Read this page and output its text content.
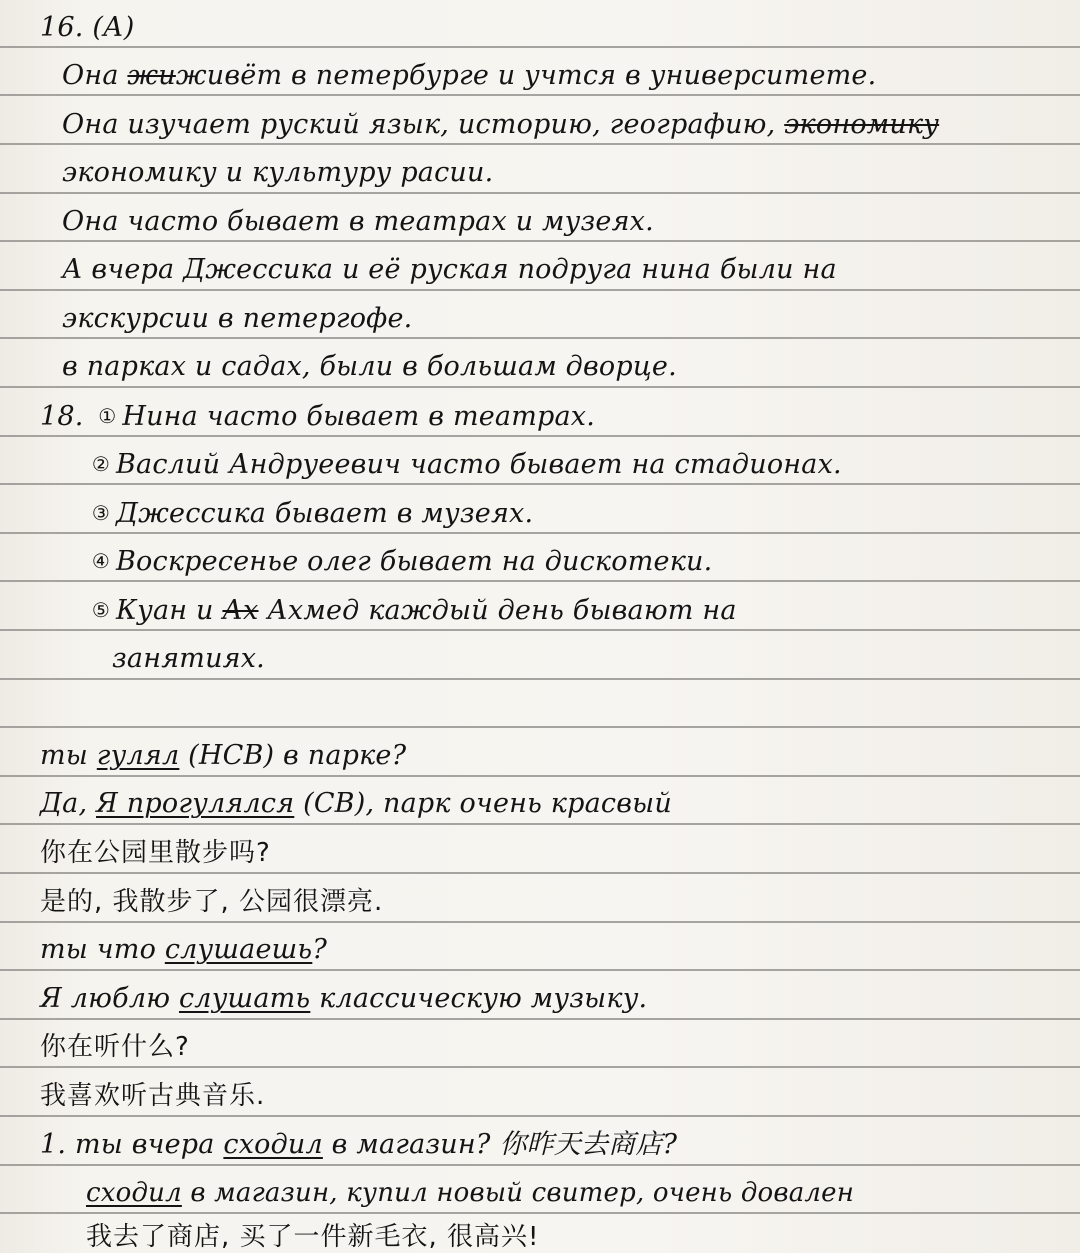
16. (А)
Она жиживёт в петербурге и учтся в университете.
Она изучает руский язык, историю, географию, экономику
экономику и культуру расии.
Она часто бывает в театрах и музеях.
А вчера Джессика и её руская подруга нина были на
экскурсии в петергофе.
в парках и садах, были в большам дворце.
18. ① Нина часто бывает в театрах.
② Васлий Андруеевич часто бывает на стадионах.
③ Джессика бывает в музеях.
④ Воскресенье олег бывает на дискотеки.
⑤ Куан и Ах Ахмед каждый день бывают на
занятиях.
ты гулял (НСВ) в парке?
Да, Я прогулялся (СВ), парк очень красвый
你在公园里散步吗?
是的, 我散步了, 公园很漂亮.
ты что слушаешь?
Я люблю слушать классическую музыку.
你在听什么?
我喜欢听古典音乐.
1. ты вчера сходил в магазин? 你昨天去商店?
сходил в магазин, купил новый свитер, очень довален
我去了商店, 买了一件新毛衣, 很高兴!
